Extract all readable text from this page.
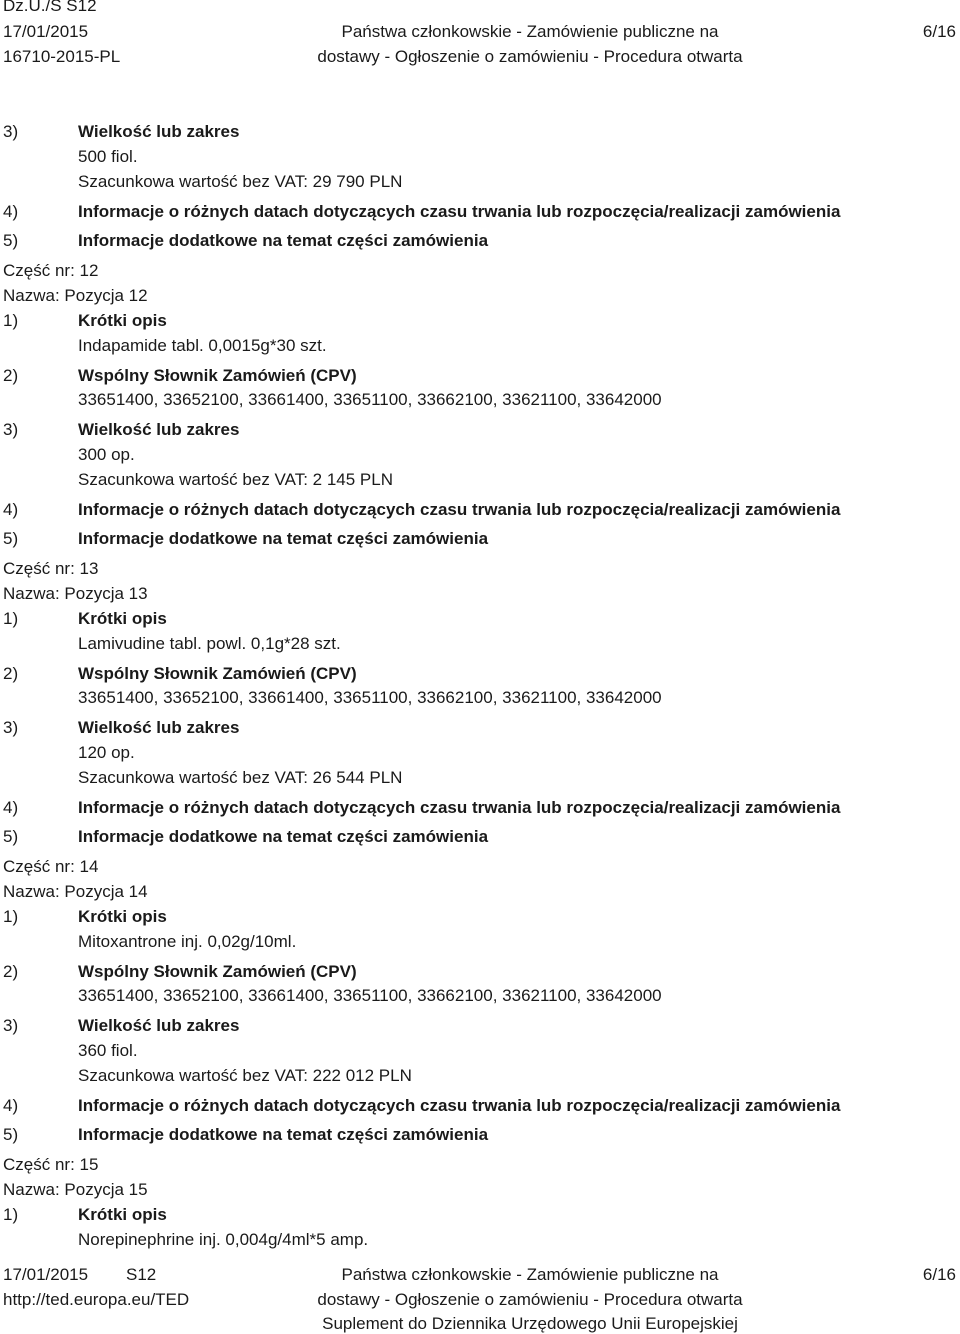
Dz.U./S S12
17/01/2015
16710-2015-PL
Państwa członkowskie - Zamówienie publiczne na
dostawy - Ogłoszenie o zamówieniu - Procedura otwarta
6/16
3)	Wielkość lub zakres
500 fiol.
Szacunkowa wartość bez VAT: 29 790 PLN
4)	Informacje o różnych datach dotyczących czasu trwania lub rozpoczęcia/realizacji zamówienia
5)	Informacje dodatkowe na temat części zamówienia
Część nr: 12
Nazwa: Pozycja 12
1)	Krótki opis
Indapamide tabl. 0,0015g*30 szt.
2)	Wspólny Słownik Zamówień (CPV)
33651400, 33652100, 33661400, 33651100, 33662100, 33621100, 33642000
3)	Wielkość lub zakres
300 op.
Szacunkowa wartość bez VAT: 2 145 PLN
4)	Informacje o różnych datach dotyczących czasu trwania lub rozpoczęcia/realizacji zamówienia
5)	Informacje dodatkowe na temat części zamówienia
Część nr: 13
Nazwa: Pozycja 13
1)	Krótki opis
Lamivudine tabl. powl. 0,1g*28 szt.
2)	Wspólny Słownik Zamówień (CPV)
33651400, 33652100, 33661400, 33651100, 33662100, 33621100, 33642000
3)	Wielkość lub zakres
120 op.
Szacunkowa wartość bez VAT: 26 544 PLN
4)	Informacje o różnych datach dotyczących czasu trwania lub rozpoczęcia/realizacji zamówienia
5)	Informacje dodatkowe na temat części zamówienia
Część nr: 14
Nazwa: Pozycja 14
1)	Krótki opis
Mitoxantrone inj. 0,02g/10ml.
2)	Wspólny Słownik Zamówień (CPV)
33651400, 33652100, 33661400, 33651100, 33662100, 33621100, 33642000
3)	Wielkość lub zakres
360 fiol.
Szacunkowa wartość bez VAT: 222 012 PLN
4)	Informacje o różnych datach dotyczących czasu trwania lub rozpoczęcia/realizacji zamówienia
5)	Informacje dodatkowe na temat części zamówienia
Część nr: 15
Nazwa: Pozycja 15
1)	Krótki opis
Norepinephrine inj. 0,004g/4ml*5 amp.
17/01/2015 S12
http://ted.europa.eu/TED
Państwa członkowskie - Zamówienie publiczne na
dostawy - Ogłoszenie o zamówieniu - Procedura otwarta
Suplement do Dziennika Urzędowego Unii Europejskiej
6/16
